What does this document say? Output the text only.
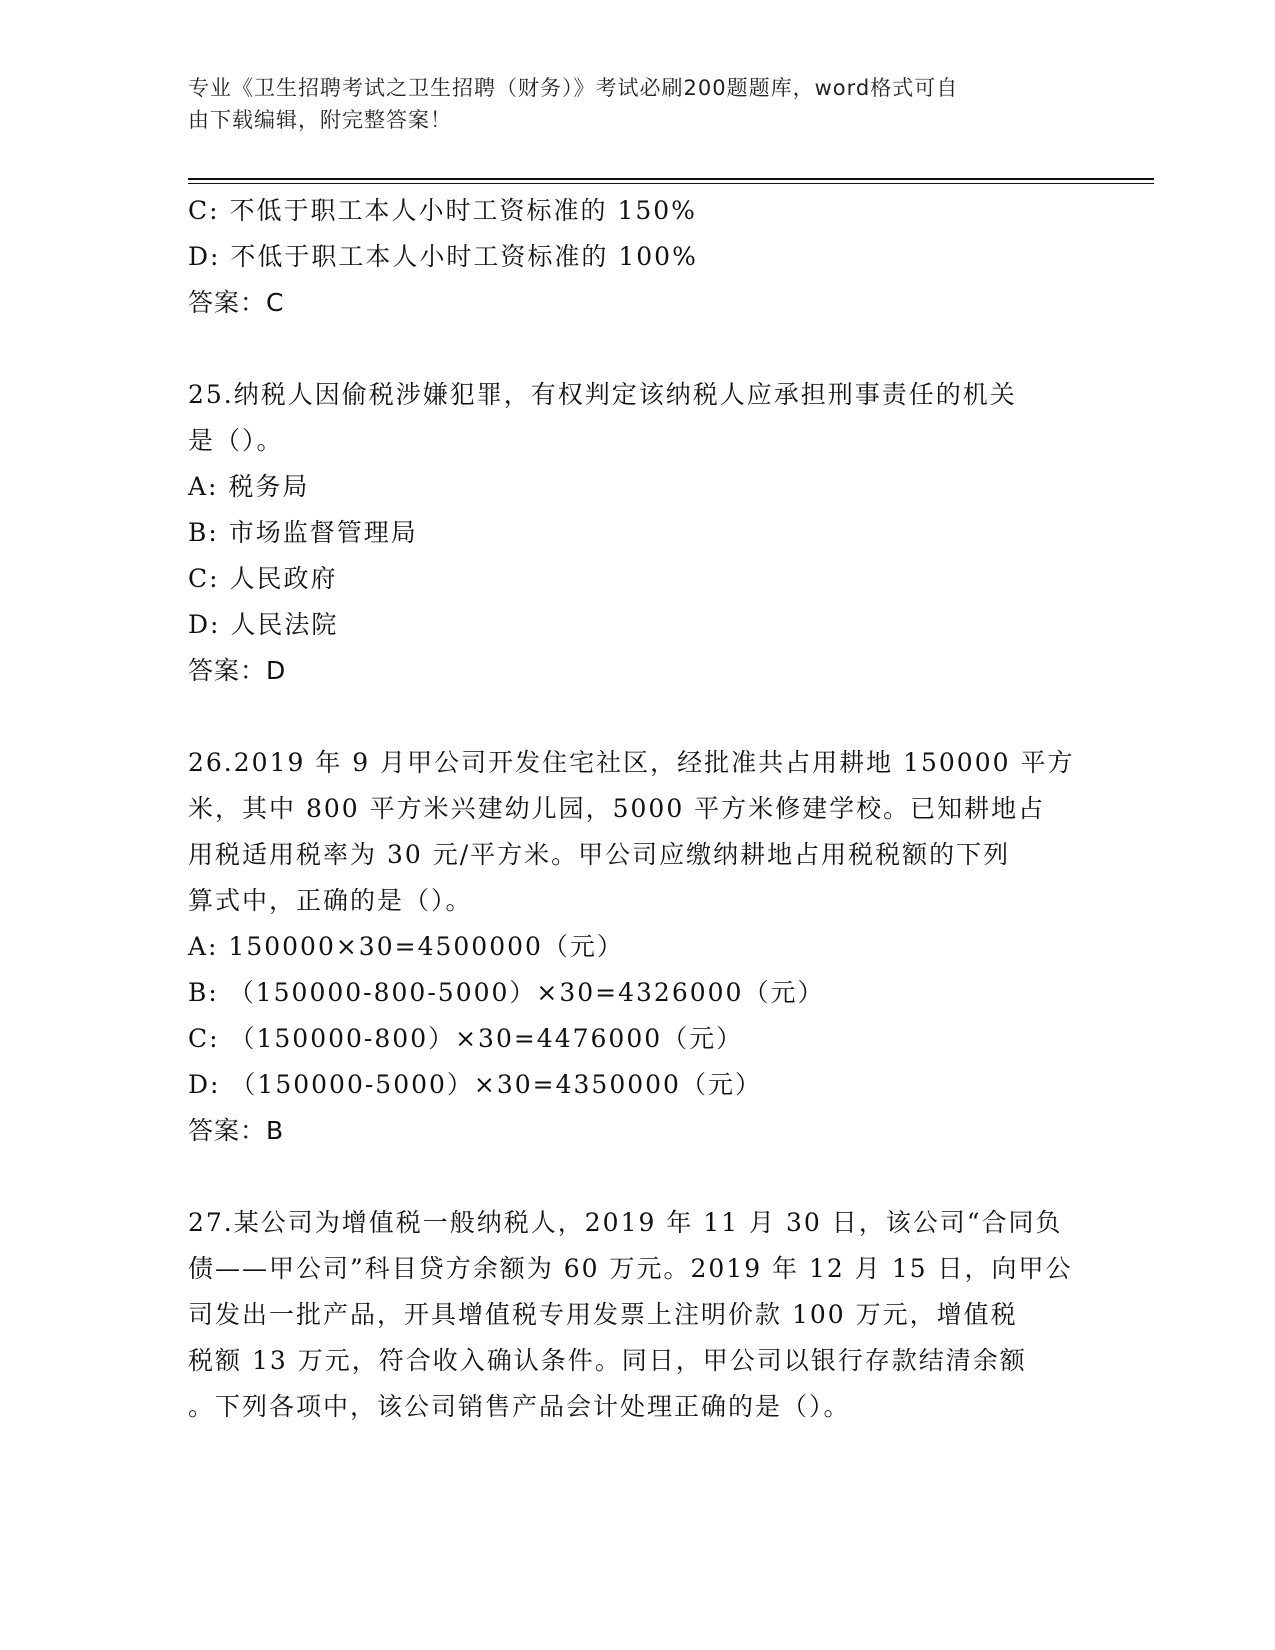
专业《卫生招聘考试之卫生招聘（财务）》考试必刷200题题库，word格式可自
由下载编辑，附完整答案！
C: 不低于职工本人小时工资标准的 150%
D: 不低于职工本人小时工资标准的 100%
答案：C
25.纳税人因偷税涉嫌犯罪，有权判定该纳税人应承担刑事责任的机关
是（）。
A: 税务局
B: 市场监督管理局
C: 人民政府
D: 人民法院
答案：D
26.2019 年 9 月甲公司开发住宅社区，经批准共占用耕地 150000 平方
米，其中 800 平方米兴建幼儿园，5000 平方米修建学校。已知耕地占
用税适用税率为 30 元/平方米。甲公司应缴纳耕地占用税税额的下列
算式中，正确的是（）。
A: 150000×30=4500000（元）
B: （150000-800-5000）×30=4326000（元）
C: （150000-800）×30=4476000（元）
D: （150000-5000）×30=4350000（元）
答案：B
27.某公司为增值税一般纳税人，2019 年 11 月 30 日，该公司“合同负
债——甲公司”科目贷方余额为 60 万元。2019 年 12 月 15 日，向甲公
司发出一批产品，开具增值税专用发票上注明价款 100 万元，增值税
税额 13 万元，符合收入确认条件。同日，甲公司以银行存款结清余额
。下列各项中，该公司销售产品会计处理正确的是（）。
